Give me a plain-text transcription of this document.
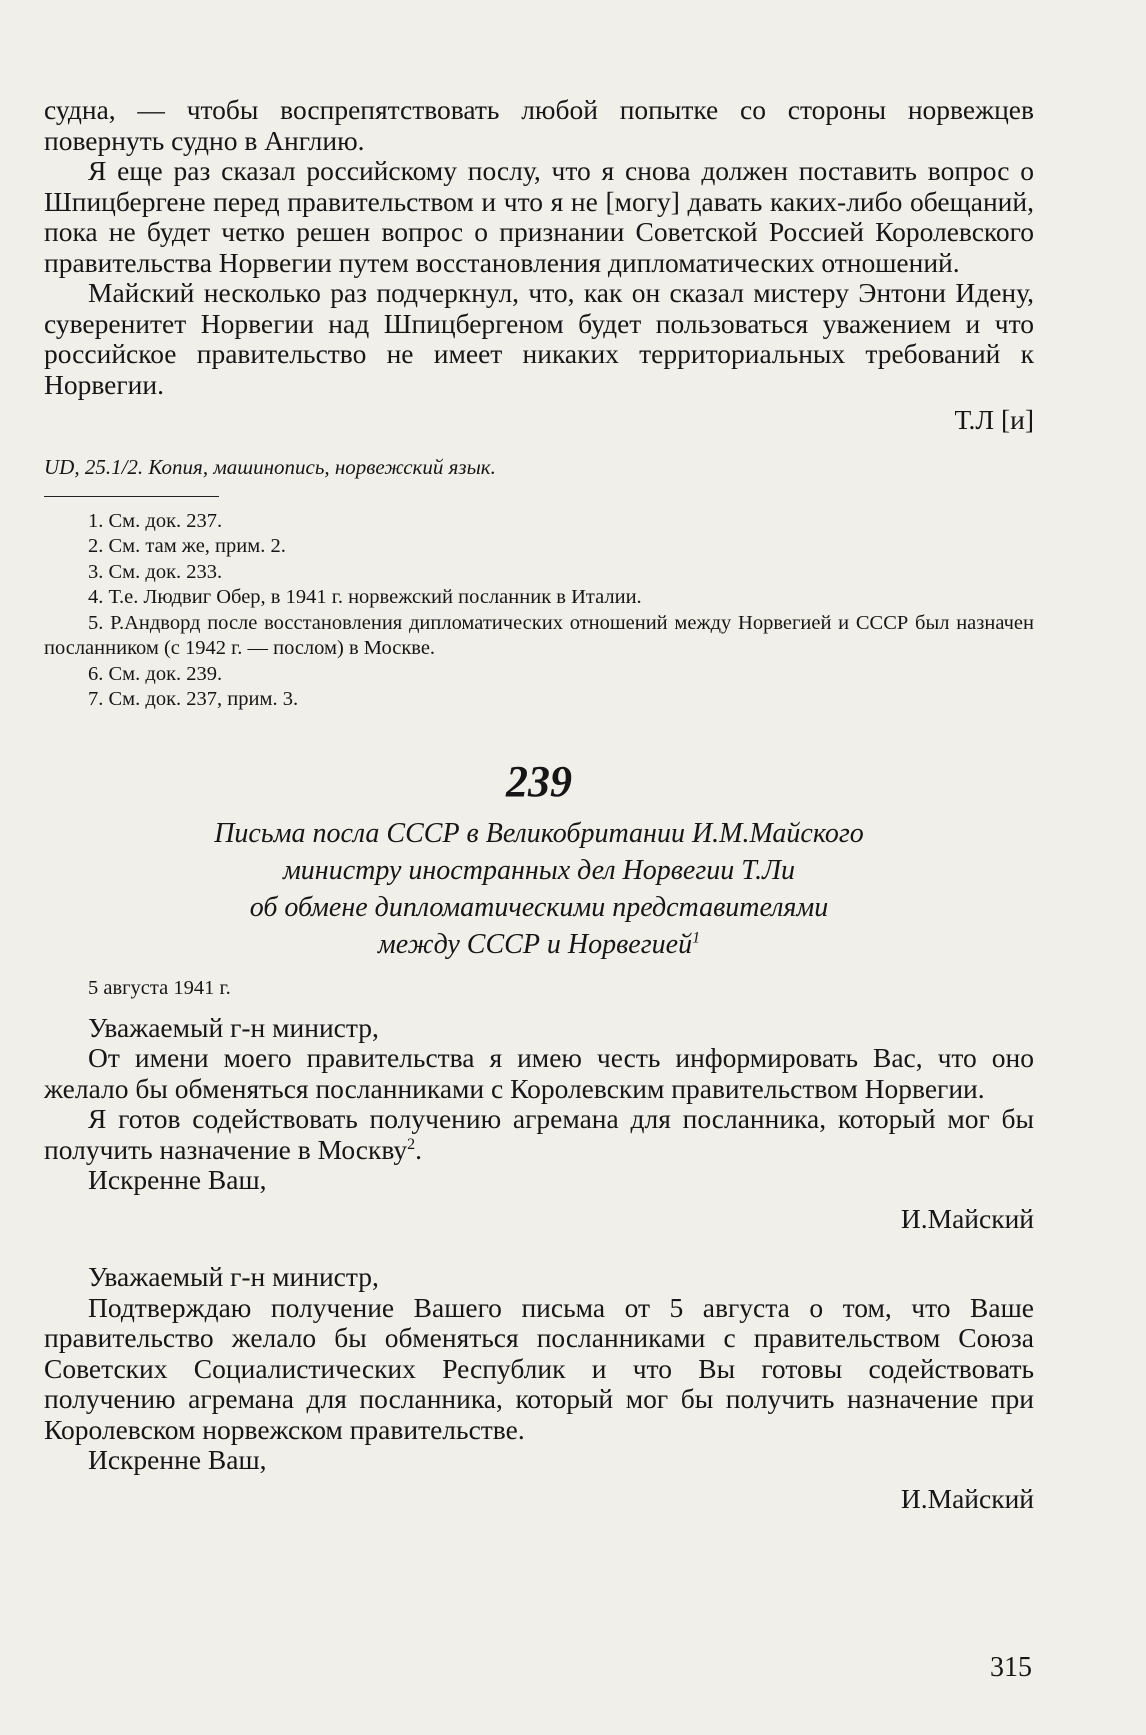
судна, — чтобы воспрепятствовать любой попытке со стороны норвежцев повернуть судно в Англию.

Я еще раз сказал российскому послу, что я снова должен поставить вопрос о Шпицбергене перед правительством и что я не [могу] давать каких-либо обещаний, пока не будет четко решен вопрос о признании Советской Россией Королевского правительства Норвегии путем восстановления дипломатических отношений.

Майский несколько раз подчеркнул, что, как он сказал мистеру Энтони Идену, суверенитет Норвегии над Шпицбергеном будет пользоваться уважением и что российское правительство не имеет никаких территориальных требований к Норвегии.

Т.Л [и]

UD, 25.1/2. Копия, машинопись, норвежский язык.

1. См. док. 237.
2. См. там же, прим. 2.
3. См. док. 233.
4. Т.е. Людвиг Обер, в 1941 г. норвежский посланник в Италии.
5. Р.Андворд после восстановления дипломатических отношений между Норвегией и СССР был назначен посланником (с 1942 г. — послом) в Москве.
6. См. док. 239.
7. См. док. 237, прим. 3.
239
Письма посла СССР в Великобритании И.М.Майского
министру иностранных дел Норвегии Т.Ли
об обмене дипломатическими представителями
между СССР и Норвегией$^1$

5 августа 1941 г.

Уважаемый г-н министр,

От имени моего правительства я имею честь информировать Вас, что оно желало бы обменяться посланниками с Королевским правительством Норвегии.

Я готов содействовать получению агремана для посланника, который мог бы получить назначение в Москву$^2$.

Искренне Ваш,

И.Майский

Уважаемый г-н министр,

Подтверждаю получение Вашего письма от 5 августа о том, что Ваше правительство желало бы обменяться посланниками с правительством Союза Советских Социалистических Республик и что Вы готовы содействовать получению агремана для посланника, который мог бы получить назначение при Королевском норвежском правительстве.

Искренне Ваш,

И.Майский

315
